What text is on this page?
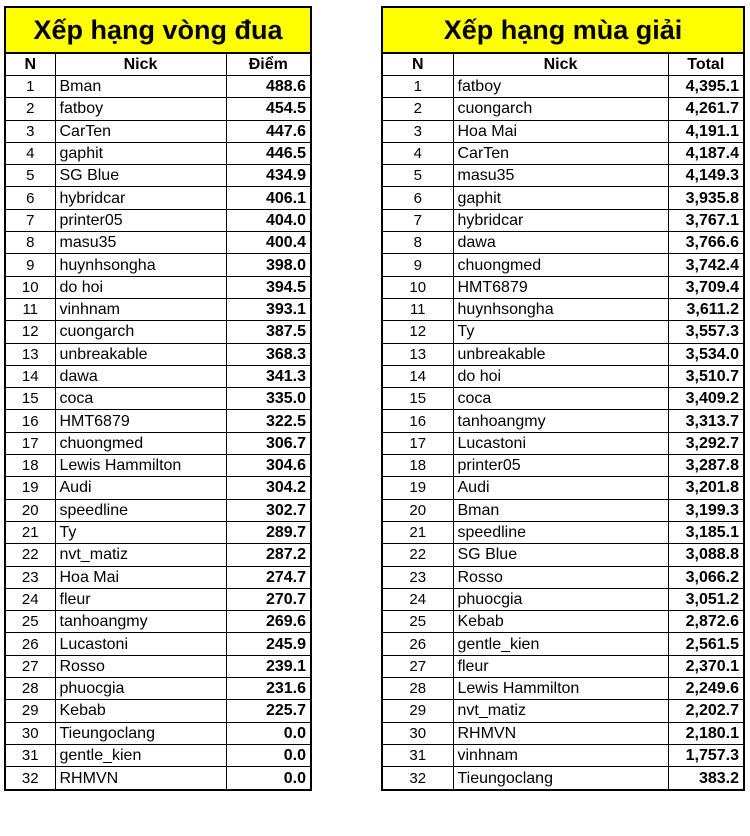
Xếp hạng vòng đua
N	Nick	Điểm
1	Bman	488.6
2	fatboy	454.5
3	CarTen	447.6
4	gaphit	446.5
5	SG Blue	434.9
6	hybridcar	406.1
7	printer05	404.0
8	masu35	400.4
9	huynhsongha	398.0
10	do hoi	394.5
11	vinhnam	393.1
12	cuongarch	387.5
13	unbreakable	368.3
14	dawa	341.3
15	coca	335.0
16	HMT6879	322.5
17	chuongmed	306.7
18	Lewis Hammilton	304.6
19	Audi	304.2
20	speedline	302.7
21	Ty	289.7
22	nvt_matiz	287.2
23	Hoa Mai	274.7
24	fleur	270.7
25	tanhoangmy	269.6
26	Lucastoni	245.9
27	Rosso	239.1
28	phuocgia	231.6
29	Kebab	225.7
30	Tieungoclang	0.0
31	gentle_kien	0.0
32	RHMVN	0.0
Xếp hạng mùa giải
N	Nick	Total
1	fatboy	4,395.1
2	cuongarch	4,261.7
3	Hoa Mai	4,191.1
4	CarTen	4,187.4
5	masu35	4,149.3
6	gaphit	3,935.8
7	hybridcar	3,767.1
8	dawa	3,766.6
9	chuongmed	3,742.4
10	HMT6879	3,709.4
11	huynhsongha	3,611.2
12	Ty	3,557.3
13	unbreakable	3,534.0
14	do hoi	3,510.7
15	coca	3,409.2
16	tanhoangmy	3,313.7
17	Lucastoni	3,292.7
18	printer05	3,287.8
19	Audi	3,201.8
20	Bman	3,199.3
21	speedline	3,185.1
22	SG Blue	3,088.8
23	Rosso	3,066.2
24	phuocgia	3,051.2
25	Kebab	2,872.6
26	gentle_kien	2,561.5
27	fleur	2,370.1
28	Lewis Hammilton	2,249.6
29	nvt_matiz	2,202.7
30	RHMVN	2,180.1
31	vinhnam	1,757.3
32	Tieungoclang	383.2
